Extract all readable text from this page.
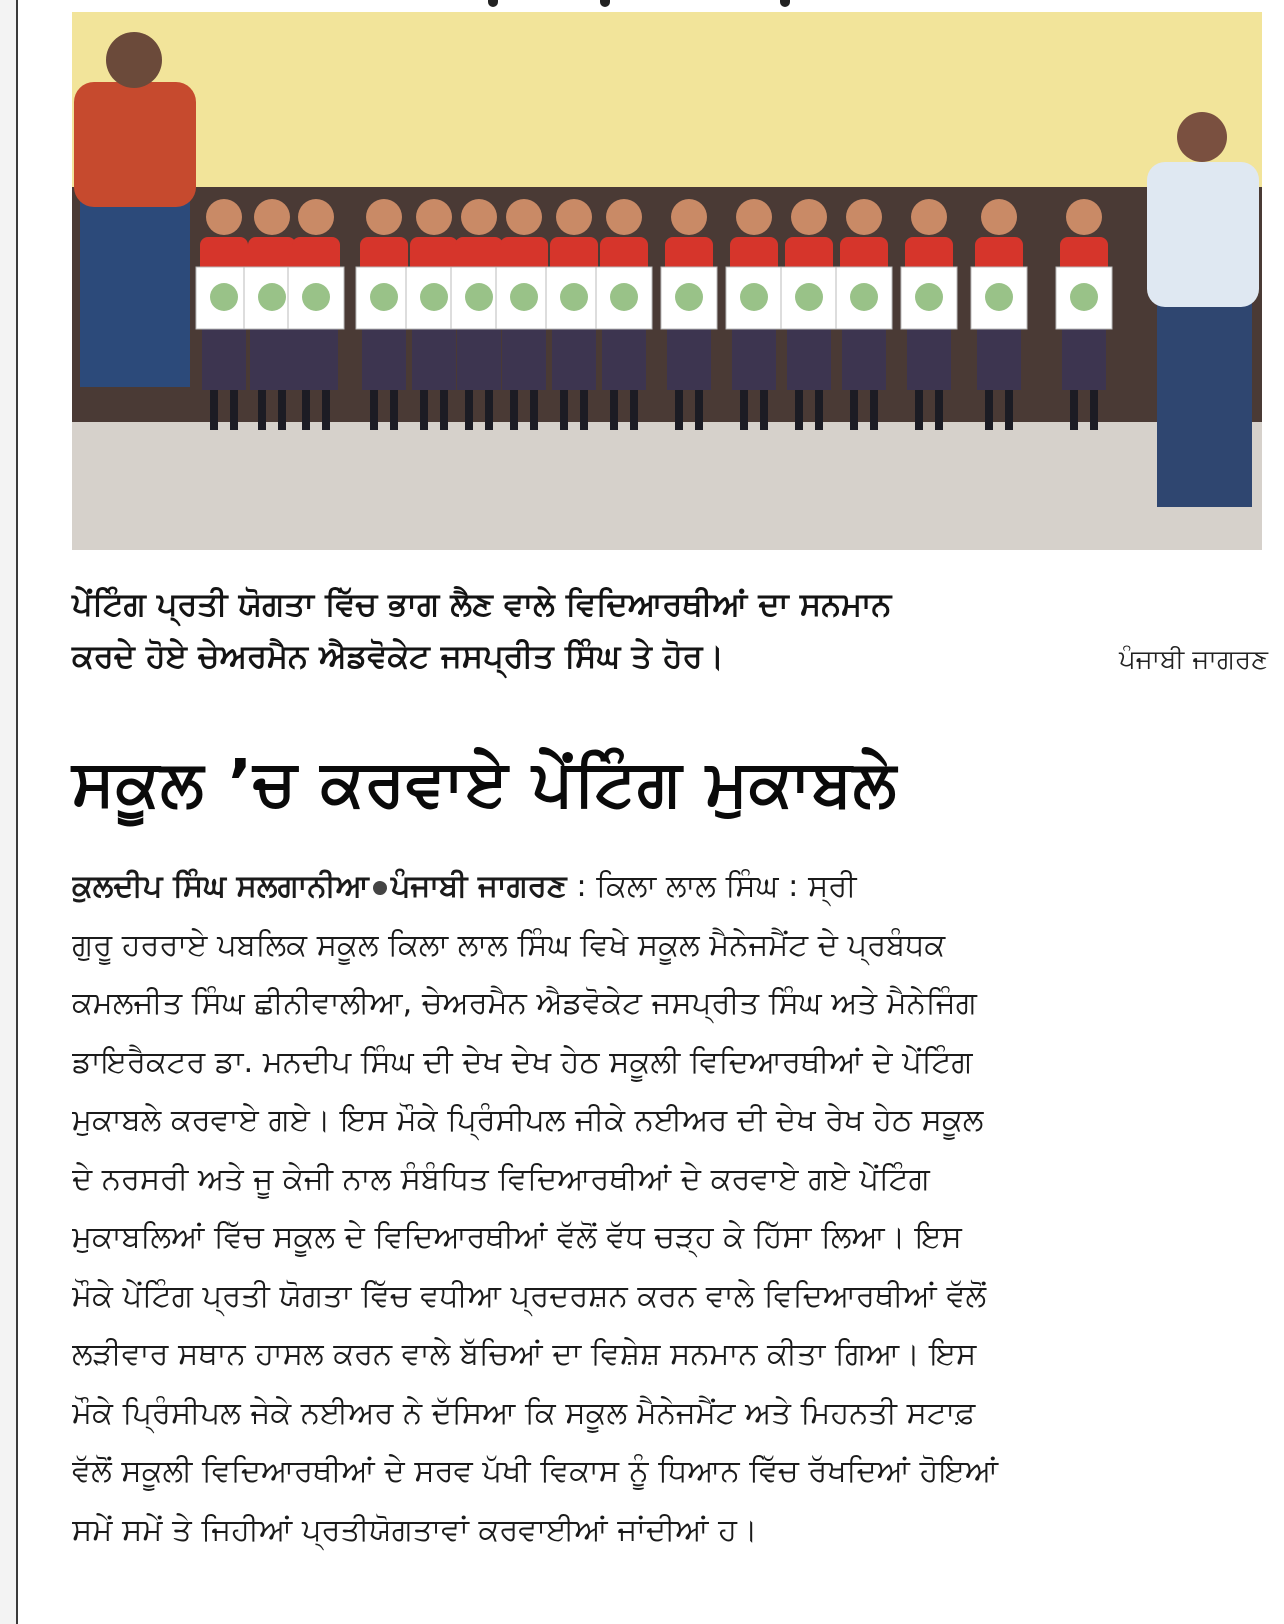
ਪੇਂਟਿੰਗ ਪ੍ਰਤੀ ਯੋਗਤਾ ਵਿੱਚ ਭਾਗ ਲੈਣ ਵਾਲੇ ਵਿਦਿਆਰਥੀਆਂ ਦਾ ਸਨਮਾਨ
ਕਰਦੇ ਹੋਏ ਚੇਅਰਮੈਨ ਐਡਵੋਕੇਟ ਜਸਪ੍ਰੀਤ ਸਿੰਘ ਤੇ ਹੋਰ।	ਪੰਜਾਬੀ ਜਾਗਰਣ
ਸਕੂਲ ’ਚ ਕਰਵਾਏ ਪੇਂਟਿੰਗ ਮੁਕਾਬਲੇ
ਕੁਲਦੀਪ ਸਿੰਘ ਸਲਗਾਨੀਆ ਪੰਜਾਬੀ ਜਾਗਰਣ : ਕਿਲਾ ਲਾਲ ਸਿੰਘ : ਸ੍ਰੀ
ਗੁਰੂ ਹਰਰਾਏ ਪਬਲਿਕ ਸਕੂਲ ਕਿਲਾ ਲਾਲ ਸਿੰਘ ਵਿਖੇ ਸਕੂਲ ਮੈਨੇਜਮੈਂਟ ਦੇ ਪ੍ਰਬੰਧਕ
ਕਮਲਜੀਤ ਸਿੰਘ ਛੀਨੀਵਾਲੀਆ, ਚੇਅਰਮੈਨ ਐਡਵੋਕੇਟ ਜਸਪ੍ਰੀਤ ਸਿੰਘ ਅਤੇ ਮੈਨੇਜਿੰਗ
ਡਾਇਰੈਕਟਰ ਡਾ. ਮਨਦੀਪ ਸਿੰਘ ਦੀ ਦੇਖ ਦੇਖ ਹੇਠ ਸਕੂਲੀ ਵਿਦਿਆਰਥੀਆਂ ਦੇ ਪੇਂਟਿੰਗ
ਮੁਕਾਬਲੇ ਕਰਵਾਏ ਗਏ। ਇਸ ਮੌਕੇ ਪ੍ਰਿੰਸੀਪਲ ਜੀਕੇ ਨਈਅਰ ਦੀ ਦੇਖ ਰੇਖ ਹੇਠ ਸਕੂਲ
ਦੇ ਨਰਸਰੀ ਅਤੇ ਜੂ ਕੇਜੀ ਨਾਲ ਸੰਬੰਧਿਤ ਵਿਦਿਆਰਥੀਆਂ ਦੇ ਕਰਵਾਏ ਗਏ ਪੇਂਟਿੰਗ
ਮੁਕਾਬਲਿਆਂ ਵਿੱਚ ਸਕੂਲ ਦੇ ਵਿਦਿਆਰਥੀਆਂ ਵੱਲੋਂ ਵੱਧ ਚੜ੍ਹ ਕੇ ਹਿੱਸਾ ਲਿਆ। ਇਸ
ਮੌਕੇ ਪੇਂਟਿੰਗ ਪ੍ਰਤੀ ਯੋਗਤਾ ਵਿੱਚ ਵਧੀਆ ਪ੍ਰਦਰਸ਼ਨ ਕਰਨ ਵਾਲੇ ਵਿਦਿਆਰਥੀਆਂ ਵੱਲੋਂ
ਲੜੀਵਾਰ ਸਥਾਨ ਹਾਸਲ ਕਰਨ ਵਾਲੇ ਬੱਚਿਆਂ ਦਾ ਵਿਸ਼ੇਸ਼ ਸਨਮਾਨ ਕੀਤਾ ਗਿਆ। ਇਸ
ਮੌਕੇ ਪ੍ਰਿੰਸੀਪਲ ਜੇਕੇ ਨਈਅਰ ਨੇ ਦੱਸਿਆ ਕਿ ਸਕੂਲ ਮੈਨੇਜਮੈਂਟ ਅਤੇ ਮਿਹਨਤੀ ਸਟਾਫ਼
ਵੱਲੋਂ ਸਕੂਲੀ ਵਿਦਿਆਰਥੀਆਂ ਦੇ ਸਰਵ ਪੱਖੀ ਵਿਕਾਸ ਨੂੰ ਧਿਆਨ ਵਿੱਚ ਰੱਖਦਿਆਂ ਹੋਇਆਂ
ਸਮੇਂ ਸਮੇਂ ਤੇ ਜਿਹੀਆਂ ਪ੍ਰਤੀਯੋਗਤਾਵਾਂ ਕਰਵਾਈਆਂ ਜਾਂਦੀਆਂ ਹ।
